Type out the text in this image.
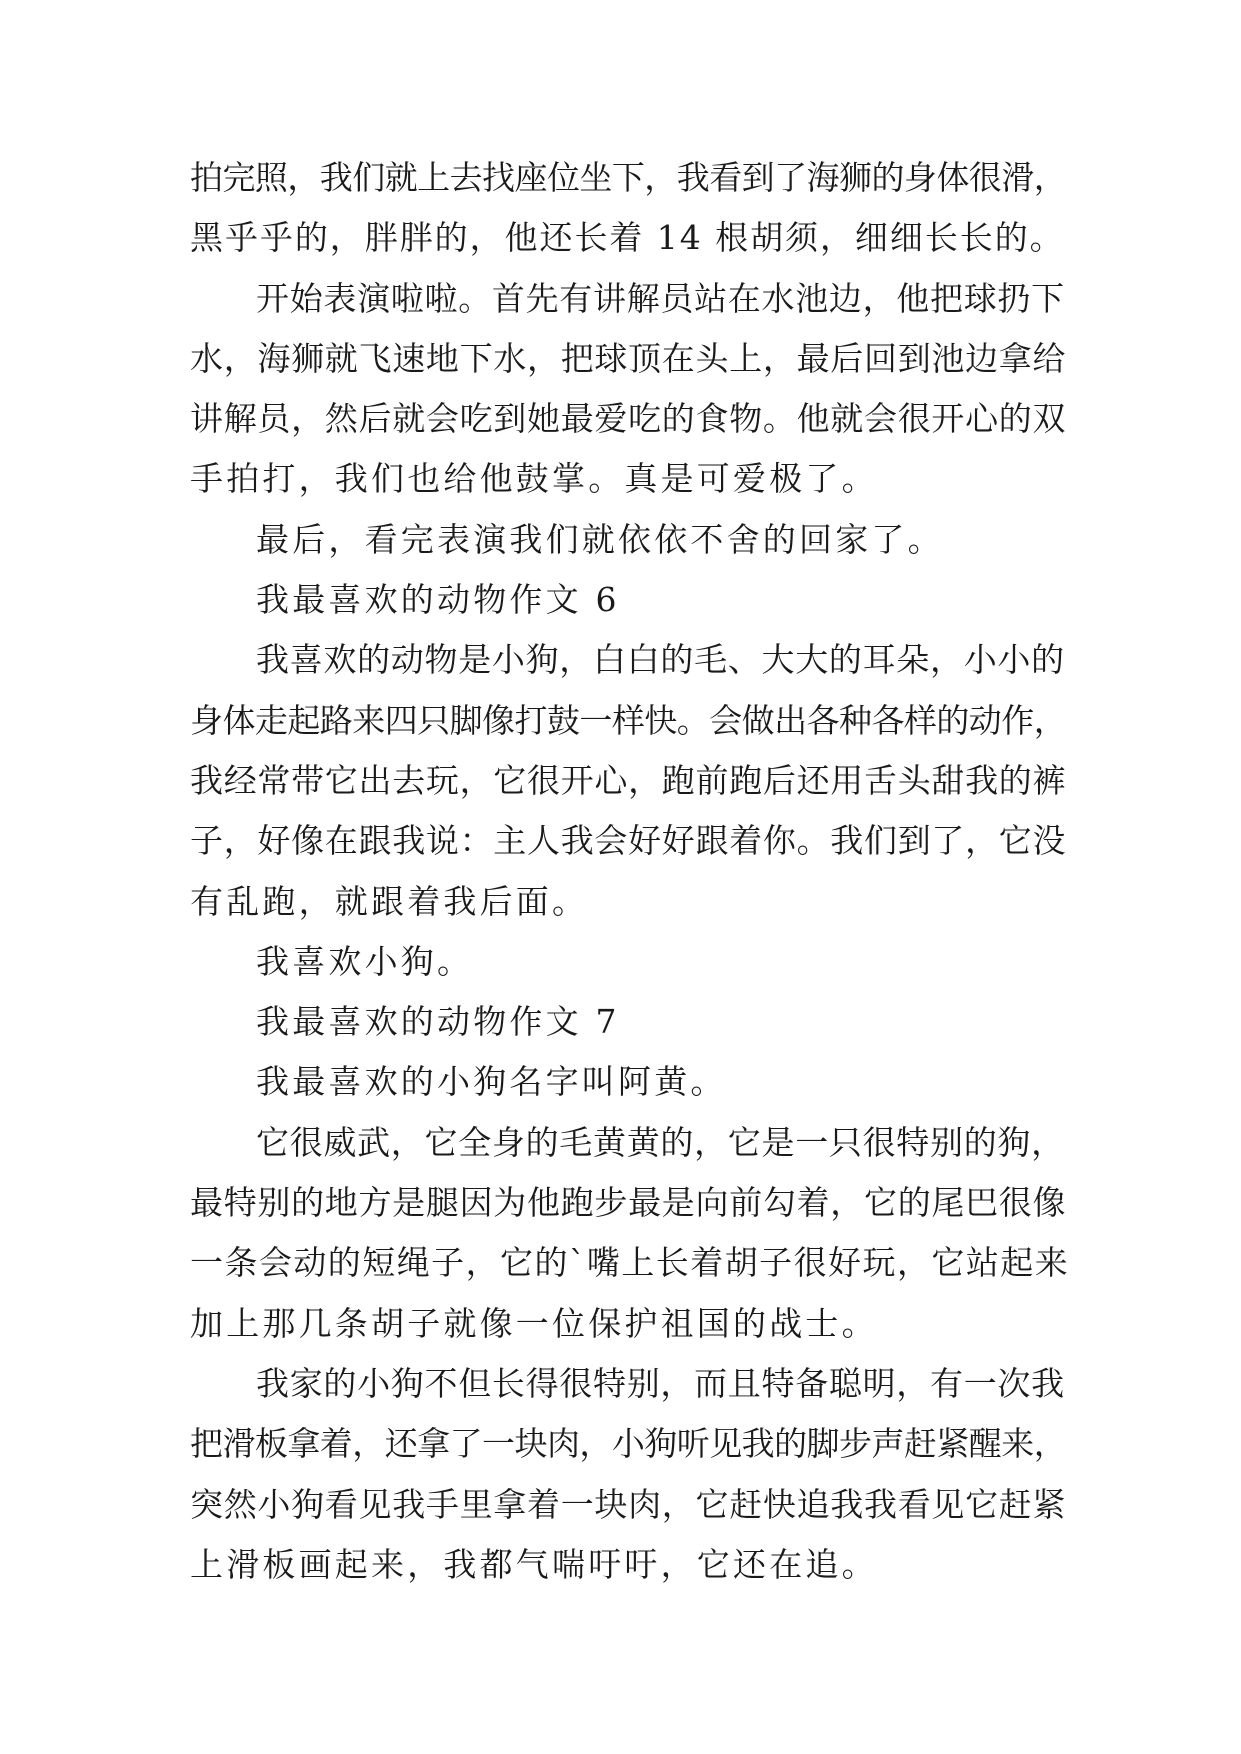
拍完照，我们就上去找座位坐下，我看到了海狮的身体很滑，
黑乎乎的，胖胖的，他还长着 14 根胡须，细细长长的。
开始表演啦啦。首先有讲解员站在水池边，他把球扔下
水，海狮就飞速地下水，把球顶在头上，最后回到池边拿给
讲解员，然后就会吃到她最爱吃的食物。他就会很开心的双
手拍打，我们也给他鼓掌。真是可爱极了。
最后，看完表演我们就依依不舍的回家了。
我最喜欢的动物作文 6
我喜欢的动物是小狗，白白的毛、大大的耳朵，小小的
身体走起路来四只脚像打鼓一样快。会做出各种各样的动作，
我经常带它出去玩，它很开心，跑前跑后还用舌头甜我的裤
子，好像在跟我说：主人我会好好跟着你。我们到了，它没
有乱跑，就跟着我后面。
我喜欢小狗。
我最喜欢的动物作文 7
我最喜欢的小狗名字叫阿黄。
它很威武，它全身的毛黄黄的，它是一只很特别的狗，
最特别的地方是腿因为他跑步最是向前勾着，它的尾巴很像
一条会动的短绳子，它的`嘴上长着胡子很好玩，它站起来
加上那几条胡子就像一位保护祖国的战士。
我家的小狗不但长得很特别，而且特备聪明，有一次我
把滑板拿着，还拿了一块肉，小狗听见我的脚步声赶紧醒来，
突然小狗看见我手里拿着一块肉，它赶快追我我看见它赶紧
上滑板画起来，我都气喘吁吁，它还在追。
